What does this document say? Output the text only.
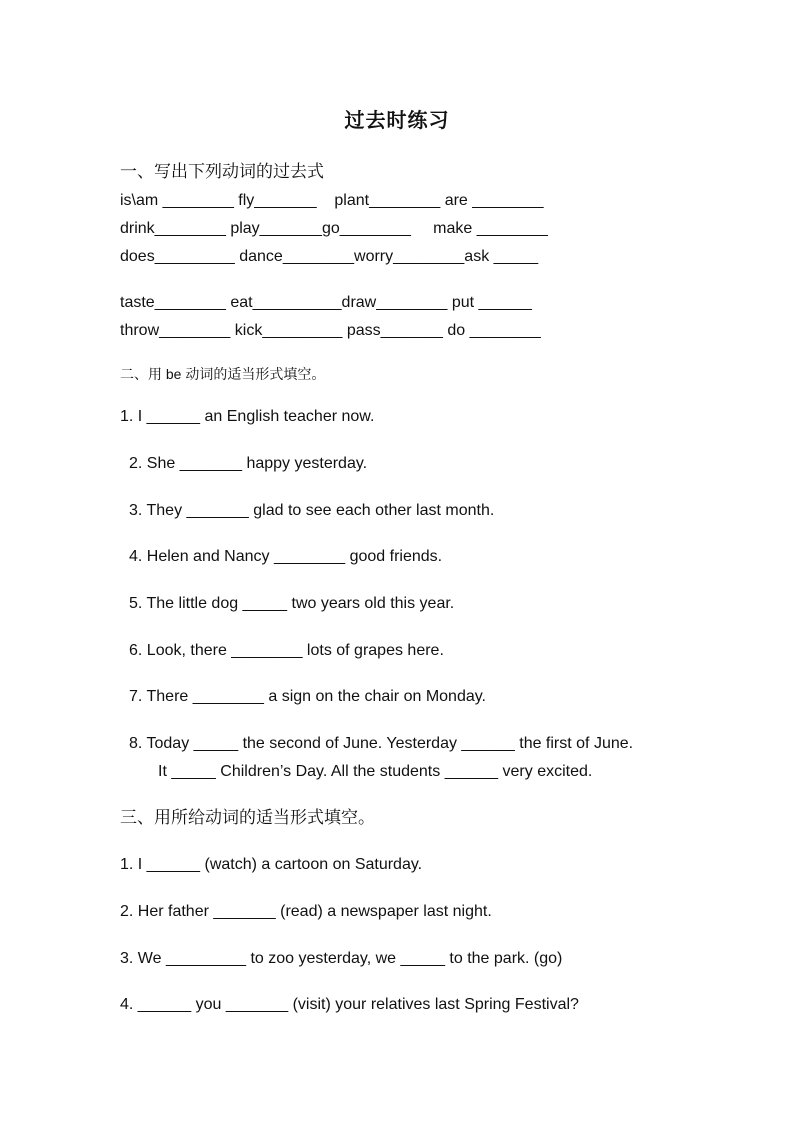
过去时练习
一、写出下列动词的过去式
is\am ________ fly_______    plant________ are ________
drink________ play_______go________     make ________
does_________ dance________worry________ask _____
taste________ eat__________draw________ put ______
throw________ kick_________ pass_______ do ________
二、用 be 动词的适当形式填空。
1. I ______ an English teacher now.
2. She _______ happy yesterday.
3. They _______ glad to see each other last month.
4. Helen and Nancy ________ good friends.
5. The little dog _____ two years old this year.
6. Look, there ________ lots of grapes here.
7. There ________ a sign on the chair on Monday.
8. Today _____ the second of June. Yesterday ______ the first of June.
It _____ Children’s Day. All the students ______ very excited.
三、用所给动词的适当形式填空。
1. I ______ (watch) a cartoon on Saturday.
2. Her father _______ (read) a newspaper last night.
3. We _________ to zoo yesterday, we _____ to the park. (go)
4. ______ you _______ (visit) your relatives last Spring Festival?
